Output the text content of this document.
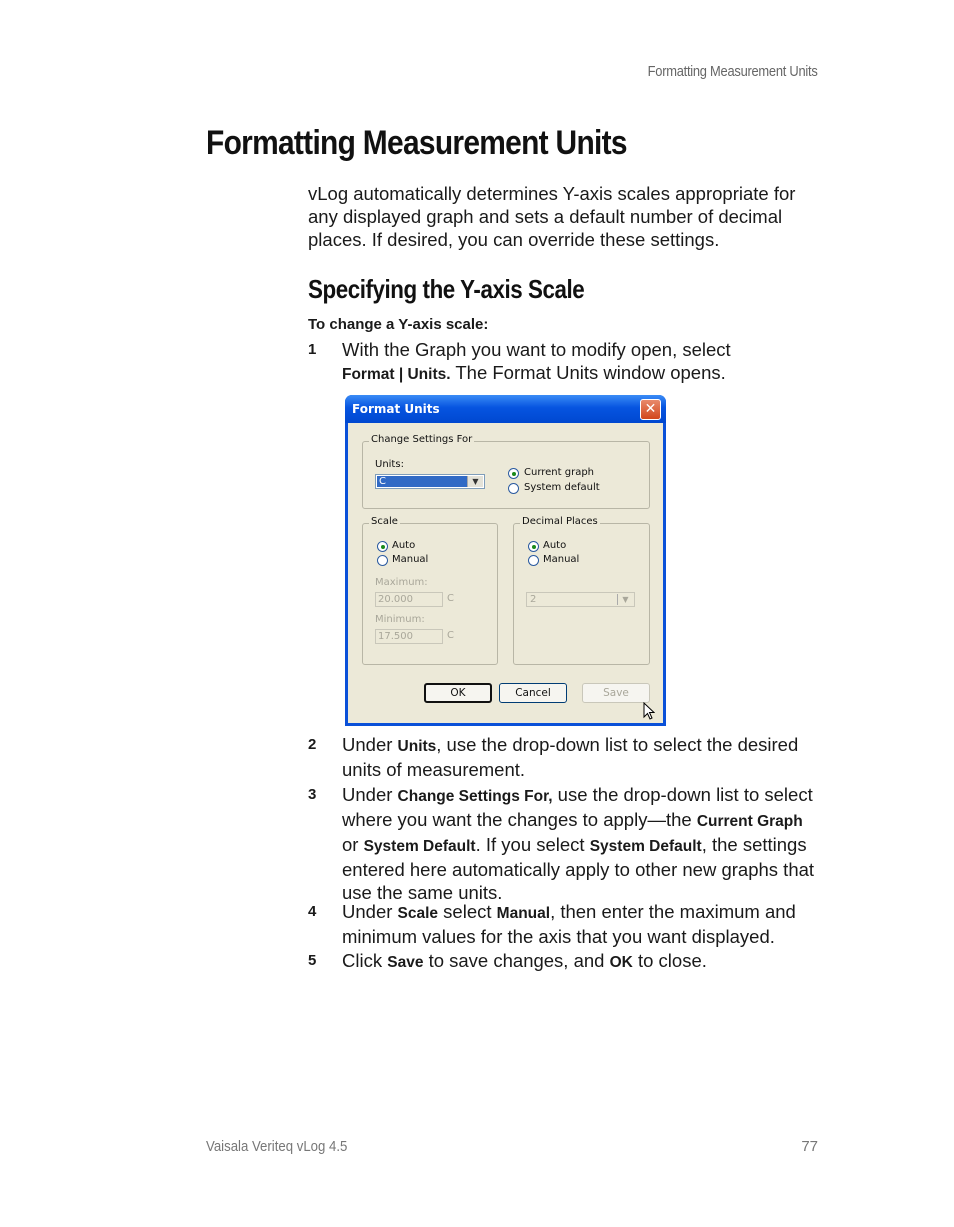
Formatting Measurement Units
Formatting Measurement Units

vLog automatically determines Y-axis scales appropriate for any displayed graph and sets a default number of decimal places. If desired, you can override these settings.

Specifying the Y-axis Scale

To change a Y-axis scale:

1 With the Graph you want to modify open, select
Format | Units. The Format Units window opens.
Format Units	✕
Change Settings For
Units:
C	▼
Current graph
System default
Scale
Auto
Manual
Maximum:
20.000	C
Minimum:
17.500	C
Decimal Places
Auto
Manual
2	▼
OK	Cancel	Save
2 Under Units, use the drop-down list to select the desired units of measurement.
3 Under Change Settings For, use the drop-down list to select where you want the changes to apply—the Current Graph or System Default. If you select System Default, the settings entered here automatically apply to other new graphs that use the same units.
4 Under Scale select Manual, then enter the maximum and minimum values for the axis that you want displayed.
5 Click Save to save changes, and OK to close.
Vaisala Veriteq vLog 4.5	77
